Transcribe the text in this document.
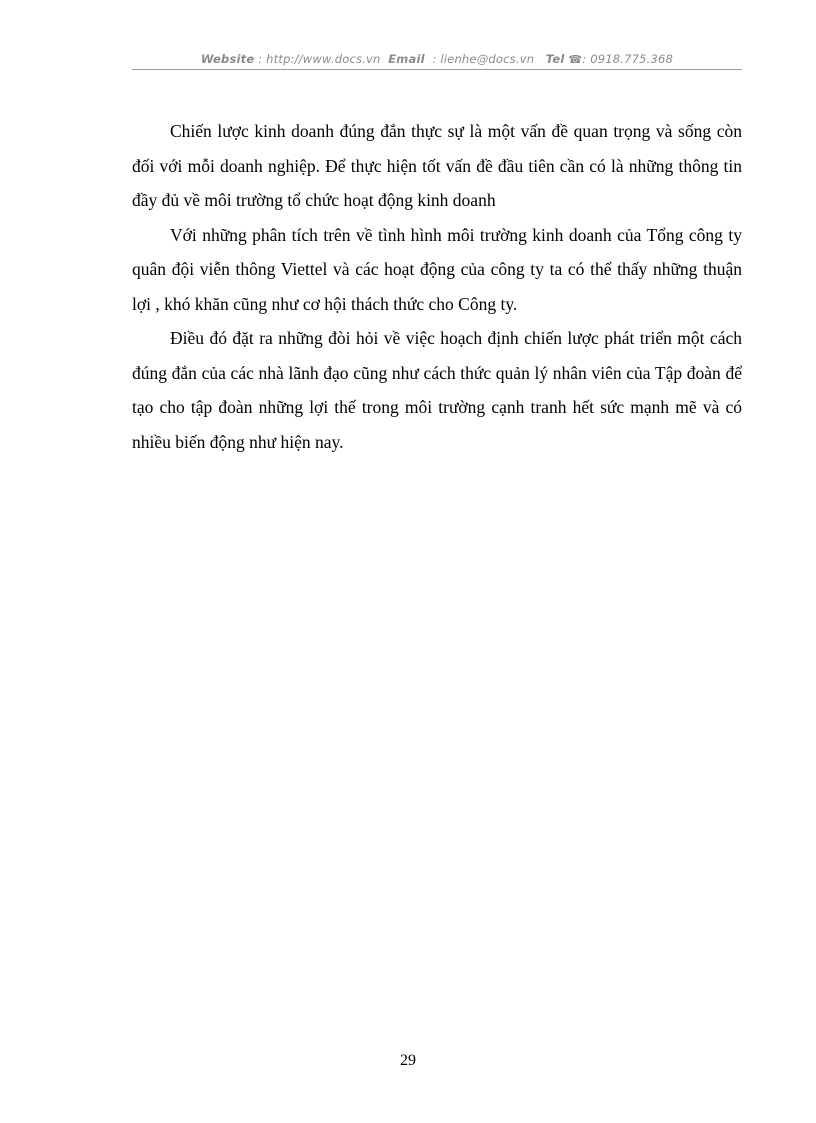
Website : http://www.docs.vn Email : lienhe@docs.vn Tel ☎: 0918.775.368

Chiến lược kinh doanh đúng đắn thực sự là một vấn đề quan trọng và sống còn đối với mỗi doanh nghiệp. Để thực hiện tốt vấn đề đầu tiên cần có là những thông tin đầy đủ về môi trường tổ chức hoạt động kinh doanh

Với những phân tích trên về tình hình môi trường kinh doanh của Tổng công ty quân đội viễn thông Viettel và các hoạt động của công ty ta có thể thấy những thuận lợi , khó khăn cũng như cơ hội thách thức cho Công ty.

Điều đó đặt ra những đòi hỏi về việc hoạch định chiến lược phát triển một cách đúng đắn của các nhà lãnh đạo cũng như cách thức quản lý nhân viên của Tập đoàn để tạo cho tập đoàn những lợi thế trong môi trường cạnh tranh hết sức mạnh mẽ và có nhiều biến động như hiện nay.

29
